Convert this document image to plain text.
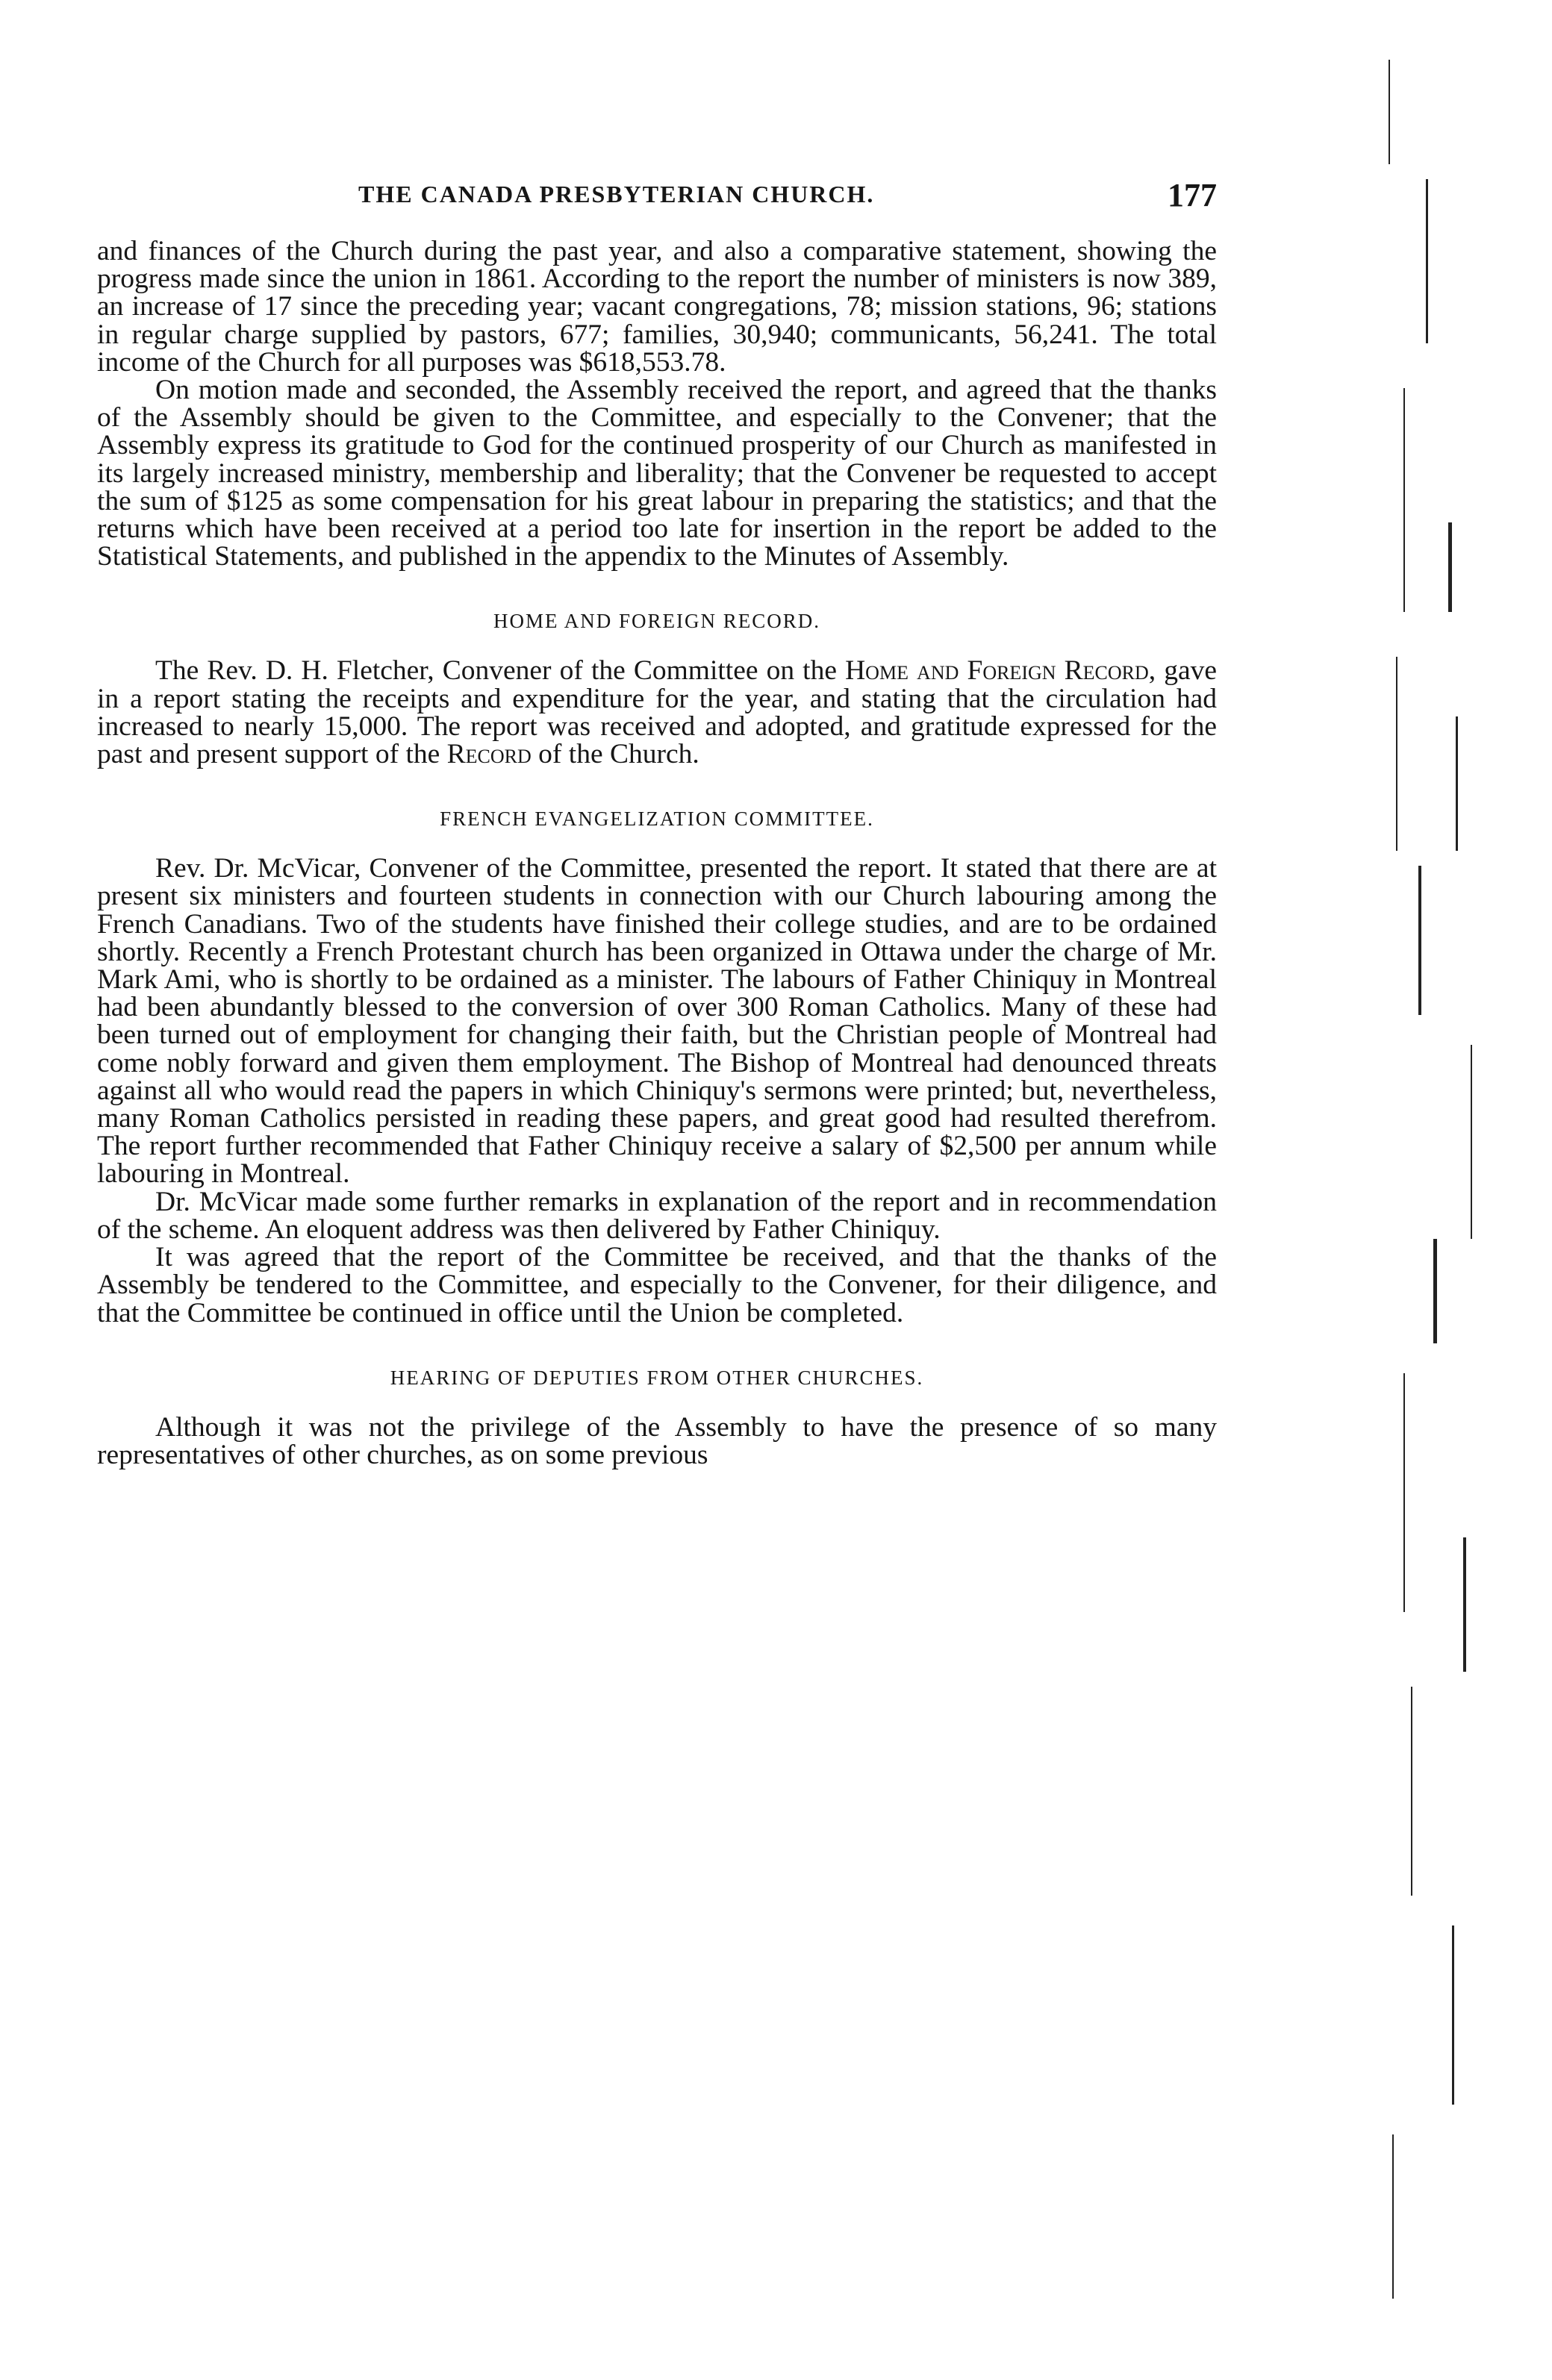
THE CANADA PRESBYTERIAN CHURCH.	177

and finances of the Church during the past year, and also a comparative statement, showing the progress made since the union in 1861. According to the report the number of ministers is now 389, an increase of 17 since the preceding year; vacant congregations, 78; mission stations, 96; stations in regular charge supplied by pastors, 677; families, 30,940; communicants, 56,241. The total income of the Church for all purposes was $618,553.78.

On motion made and seconded, the Assembly received the report, and agreed that the thanks of the Assembly should be given to the Committee, and especially to the Convener; that the Assembly express its gratitude to God for the continued prosperity of our Church as manifested in its largely increased ministry, membership and liberality; that the Convener be requested to accept the sum of $125 as some compensation for his great labour in preparing the statistics; and that the returns which have been received at a period too late for insertion in the report be added to the Statistical Statements, and published in the appendix to the Minutes of Assembly.

HOME AND FOREIGN RECORD.

The Rev. D. H. Fletcher, Convener of the Committee on the Home and Foreign Record, gave in a report stating the receipts and expenditure for the year, and stating that the circulation had increased to nearly 15,000. The report was received and adopted, and gratitude expressed for the past and present support of the Record of the Church.

FRENCH EVANGELIZATION COMMITTEE.

Rev. Dr. McVicar, Convener of the Committee, presented the report. It stated that there are at present six ministers and fourteen students in connection with our Church labouring among the French Canadians. Two of the students have finished their college studies, and are to be ordained shortly. Recently a French Protestant church has been organized in Ottawa under the charge of Mr. Mark Ami, who is shortly to be ordained as a minister. The labours of Father Chiniquy in Montreal had been abundantly blessed to the conversion of over 300 Roman Catholics. Many of these had been turned out of employment for changing their faith, but the Christian people of Montreal had come nobly forward and given them employment. The Bishop of Montreal had denounced threats against all who would read the papers in which Chiniquy's sermons were printed; but, nevertheless, many Roman Catholics persisted in reading these papers, and great good had resulted therefrom. The report further recommended that Father Chiniquy receive a salary of $2,500 per annum while labouring in Montreal.

Dr. McVicar made some further remarks in explanation of the report and in recommendation of the scheme. An eloquent address was then delivered by Father Chiniquy.

It was agreed that the report of the Committee be received, and that the thanks of the Assembly be tendered to the Committee, and especially to the Convener, for their diligence, and that the Committee be continued in office until the Union be completed.

HEARING OF DEPUTIES FROM OTHER CHURCHES.

Although it was not the privilege of the Assembly to have the presence of so many representatives of other churches, as on some previous
